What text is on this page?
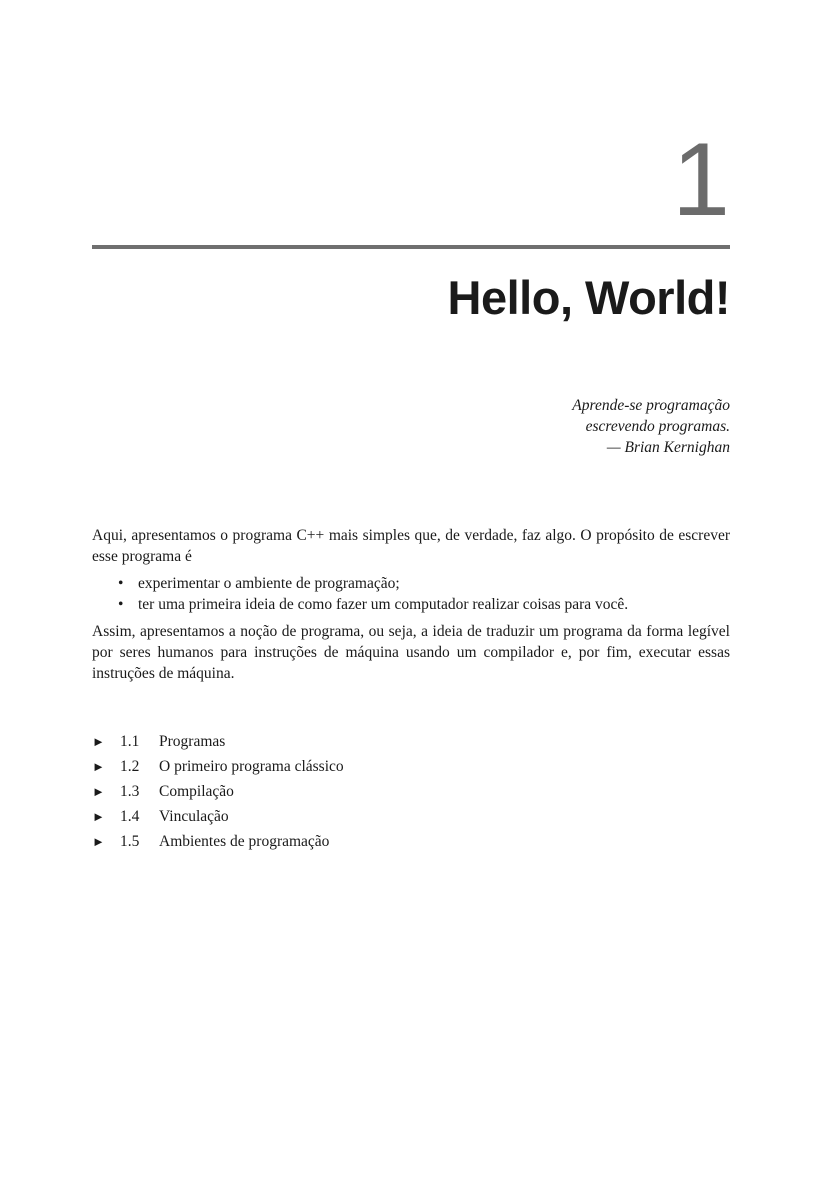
1
Hello, World!
Aprende-se programação
escrevendo programas.
— Brian Kernighan

Aqui, apresentamos o programa C++ mais simples que, de verdade, faz algo. O propósito de escrever esse programa é

• experimentar o ambiente de programação;
• ter uma primeira ideia de como fazer um computador realizar coisas para você.

Assim, apresentamos a noção de programa, ou seja, a ideia de traduzir um programa da forma legível por seres humanos para instruções de máquina usando um compilador e, por fim, executar essas instruções de máquina.

► 1.1	Programas
► 1.2	O primeiro programa clássico
► 1.3	Compilação
► 1.4	Vinculação
► 1.5	Ambientes de programação
